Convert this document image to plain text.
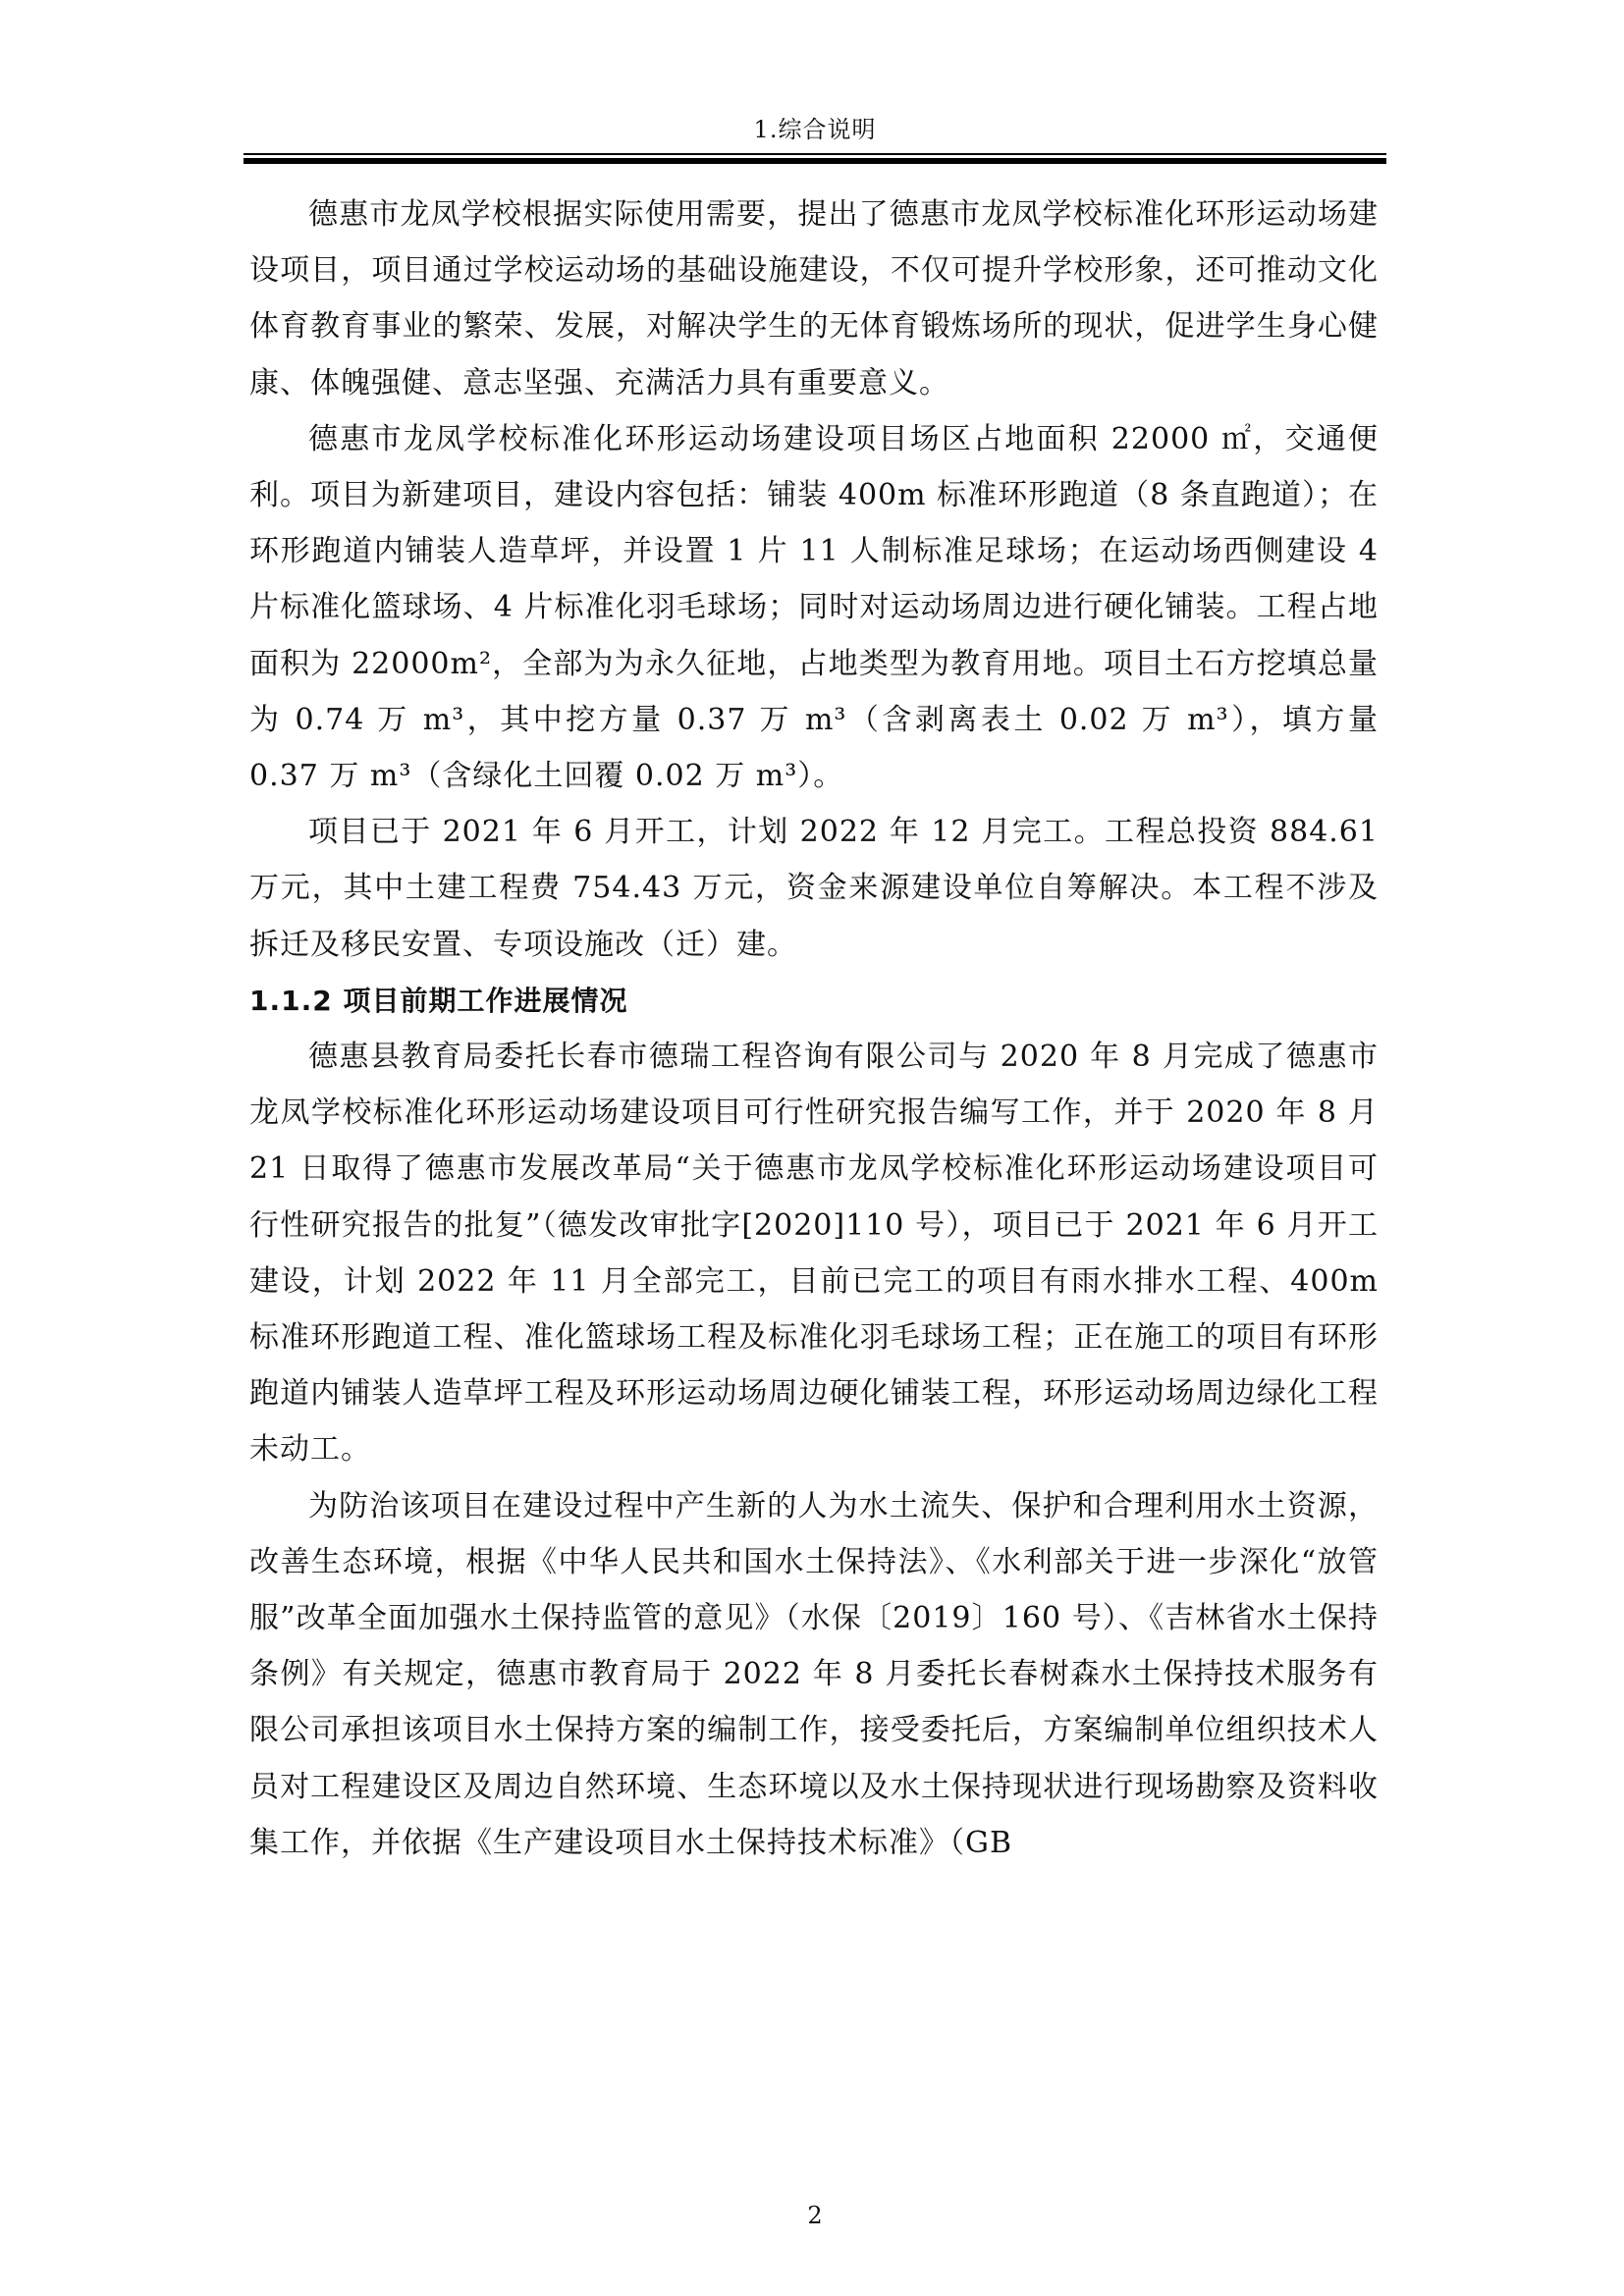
1.综合说明

德惠市龙凤学校根据实际使用需要，提出了德惠市龙凤学校标准化环形运动场建设项目，项目通过学校运动场的基础设施建设，不仅可提升学校形象，还可推动文化体育教育事业的繁荣、发展，对解决学生的无体育锻炼场所的现状，促进学生身心健康、体魄强健、意志坚强、充满活力具有重要意义。

德惠市龙凤学校标准化环形运动场建设项目场区占地面积 22000 ㎡，交通便利。项目为新建项目，建设内容包括：铺装 400m 标准环形跑道（8 条直跑道）；在环形跑道内铺装人造草坪，并设置 1 片 11 人制标准足球场；在运动场西侧建设 4 片标准化篮球场、4 片标准化羽毛球场；同时对运动场周边进行硬化铺装。工程占地面积为 22000m²，全部为为永久征地，占地类型为教育用地。项目土石方挖填总量为 0.74 万 m³，其中挖方量 0.37 万 m³（含剥离表土 0.02 万 m³），填方量 0.37 万 m³（含绿化土回覆 0.02 万 m³）。

项目已于 2021 年 6 月开工，计划 2022 年 12 月完工。工程总投资 884.61 万元，其中土建工程费 754.43 万元，资金来源建设单位自筹解决。本工程不涉及拆迁及移民安置、专项设施改（迁）建。

1.1.2 项目前期工作进展情况

德惠县教育局委托长春市德瑞工程咨询有限公司与 2020 年 8 月完成了德惠市龙凤学校标准化环形运动场建设项目可行性研究报告编写工作，并于 2020 年 8 月 21 日取得了德惠市发展改革局“关于德惠市龙凤学校标准化环形运动场建设项目可行性研究报告的批复”（德发改审批字[2020]110 号），项目已于 2021 年 6 月开工建设，计划 2022 年 11 月全部完工，目前已完工的项目有雨水排水工程、400m 标准环形跑道工程、准化篮球场工程及标准化羽毛球场工程；正在施工的项目有环形跑道内铺装人造草坪工程及环形运动场周边硬化铺装工程，环形运动场周边绿化工程未动工。

为防治该项目在建设过程中产生新的人为水土流失、保护和合理利用水土资源，改善生态环境，根据《中华人民共和国水土保持法》、《水利部关于进一步深化“放管服”改革全面加强水土保持监管的意见》（水保〔2019〕160 号）、《吉林省水土保持条例》有关规定，德惠市教育局于 2022 年 8 月委托长春树森水土保持技术服务有限公司承担该项目水土保持方案的编制工作，接受委托后，方案编制单位组织技术人员对工程建设区及周边自然环境、生态环境以及水土保持现状进行现场勘察及资料收集工作，并依据《生产建设项目水土保持技术标准》（GB

2
